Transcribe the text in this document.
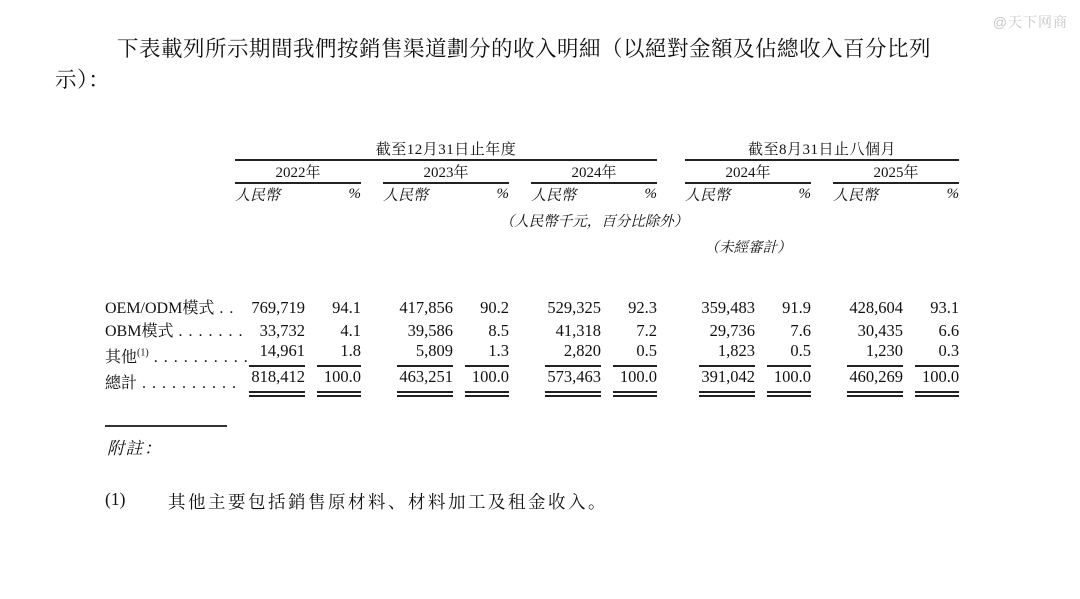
@天下网商

下表載列所示期間我們按銷售渠道劃分的收入明細（以絕對金額及佔總收入百分比列示）：

	截至12月31日止年度									截至8月31日止八個月				
	2022年			2023年			2024年			2024年			2025年	
	人民幣	%		人民幣	%		人民幣	%		人民幣	%		人民幣	%

							（人民幣千元，百分比除外）							

										（未經審計）				

OEM/ODM模式 . .	769,719	94.1		417,856	90.2		529,325	92.3		359,483	91.9		428,604	93.1
OBM模式 . . . . . . .	33,732	4.1		39,586	8.5		41,318	7.2		29,736	7.6		30,435	6.6
其他$^{(1)}$ . . . . . . . . . .	14,961	1.8		5,809	1.3		2,820	0.5		1,823	0.5		1,230	0.3
總計 . . . . . . . . . .	818,412	100.0		463,251	100.0		573,463	100.0		391,042	100.0		460,269	100.0
附註：
(1)	其他主要包括銷售原材料、材料加工及租金收入。
